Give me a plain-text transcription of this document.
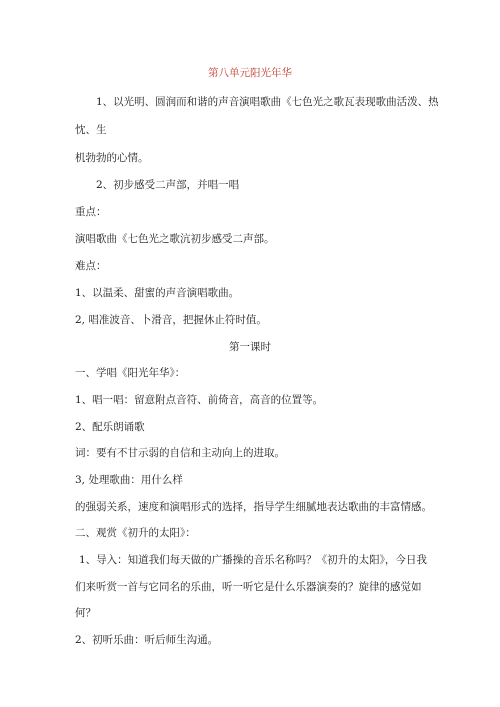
第八单元阳光年华
1、以光明、圆润而和谐的声音演唱歌曲《七色光之歌瓦表现歌曲活泼、热
忱、生
机勃勃的心情。
2、初步感受二声部，并唱一唱
重点：
演唱歌曲《七色光之歌沆初步感受二声部。
难点：
1、以温柔、甜蜜的声音演唱歌曲。
2, 唱准波音、卜滑音，把握休止符时值。
第一课时
一、学唱《阳光年华》：
1、唱一唱：留意附点音符、前倚音，高音的位置等。
2、配乐朗诵歌
词：要有不甘示弱的自信和主动向上的进取。
3, 处理歌曲：用什么样
的强弱关系，速度和演唱形式的选择，指导学生细腻地表达歌曲的丰富情感。
二、观赏《初升的太阳》：
1、导入：知道我们每天做的广播操的音乐名称吗？《初升的太阳》，今日我
们来听赏一首与它同名的乐曲，听一听它是什么乐器演奏的？旋律的感觉如
何？
2、初听乐曲：听后师生沟通。
